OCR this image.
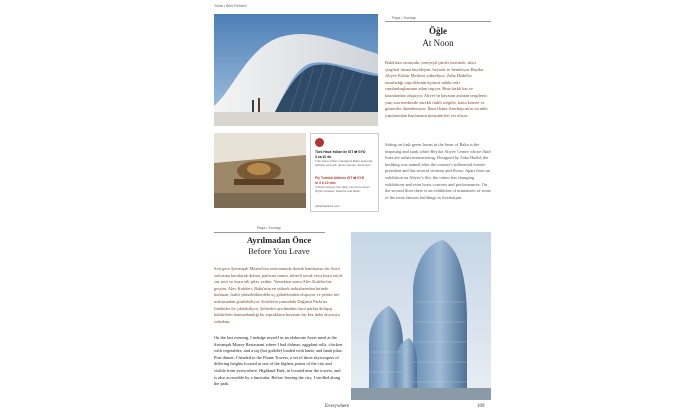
Yolda • Bilet Rehberi
Türk Hava Yolları ile IST ⇄ GYD
3 sa 10 dk
Türk Hava Yolları Üsküdar'a Bakü arasında haftada yedi gün direkt seferler düzenliyor.
Fly Turkish Airlines IST ⇄ GYD
in 3 h 10 min
Turkish Airlines has daily round-trip direct flights between Istanbul and Baku.
turkishairlines.com
Paşa • Sunday
Öğle
At Noon
Bakü'nün ortasında, yemyeşil çimler üzerinde, akıcı çizgileri insanı büyüleyen, beyazlı ve bembeyaz Haydar Aliyev Kültür Merkezi yükseliyor. Zaha Hadid'in tasarladığı yapı ülkenin üçüncü sahibi eski cumhurbaşkanının adını taşıyor. Bina farklı kat ve kısımlardan oluşuyor. Aliyev'in hayatını anlatan sergilerin yanı sıra merkezde sürekli farklı sergiler, katta konser ve gösteriler düzenleniyor. İkinci katta Azerbaycan'ın en ünlü yapılarından bazılarının minyatürleri yer alıyor.
Sitting on lush green lawns in the heart of Baku is the imposing and stark white Heydar Aliyev Center whose fluid lines are rather mesmerizing. Designed by Zaha Hadid, the building was named after the country's influential former president and has several sections and floors. Apart from an exhibition on Aliyev's life, the center has changing exhibitions and even hosts concerts and performances. On the second floor there is an exhibition of miniatures of some of the most famous buildings in Azerbaijan.
Paşa • Sunday
Ayrılmadan Önce
Before You Leave
Son gece Şirvanşah Müzesi'nin restoranında ikonik hanlarımsı bir Azeri sofrasına kurularak dolma, patlıcan sarma, sebzeli tavuk veya kuzu etiyle saz tava ve kuzu etli pilav yedim. Yemekten sonra Alev Kuleleri'ne geçtim. Alev Kuleleri, Bakü'nün en yüksek noktalarından birinde bulunan, farklı yüksekliklerdeki üç gökdelenden oluşuyor ve şehrin her noktasından görülebiliyor. Kulelerin yanındaki Dağüstü Parkı'na füniküler ile çıkılabiliyor. Şehirden ayrılmadan önce parkta dolaşıp kültürlerin harmanlandığı bu toprakların havasını bir kez daha doyasıya soludum.
On the last evening, I indulge myself in an elaborate Azeri meal at the Sirvanşah Muzey Restaurant where I had dolmas, eggplant rolls, chicken with vegetables, and a saj (hot griddle) loaded with lamb, and lamb pilav. Post dinner, I headed to the Flame Towers, a set of three skyscrapers of differing heights located at one of the highest points of the city and visible from everywhere. Highland Park, in located near the towers, and is also accessible by a funicular. Before leaving the city, I strolled along the park.
Everywhere	109
